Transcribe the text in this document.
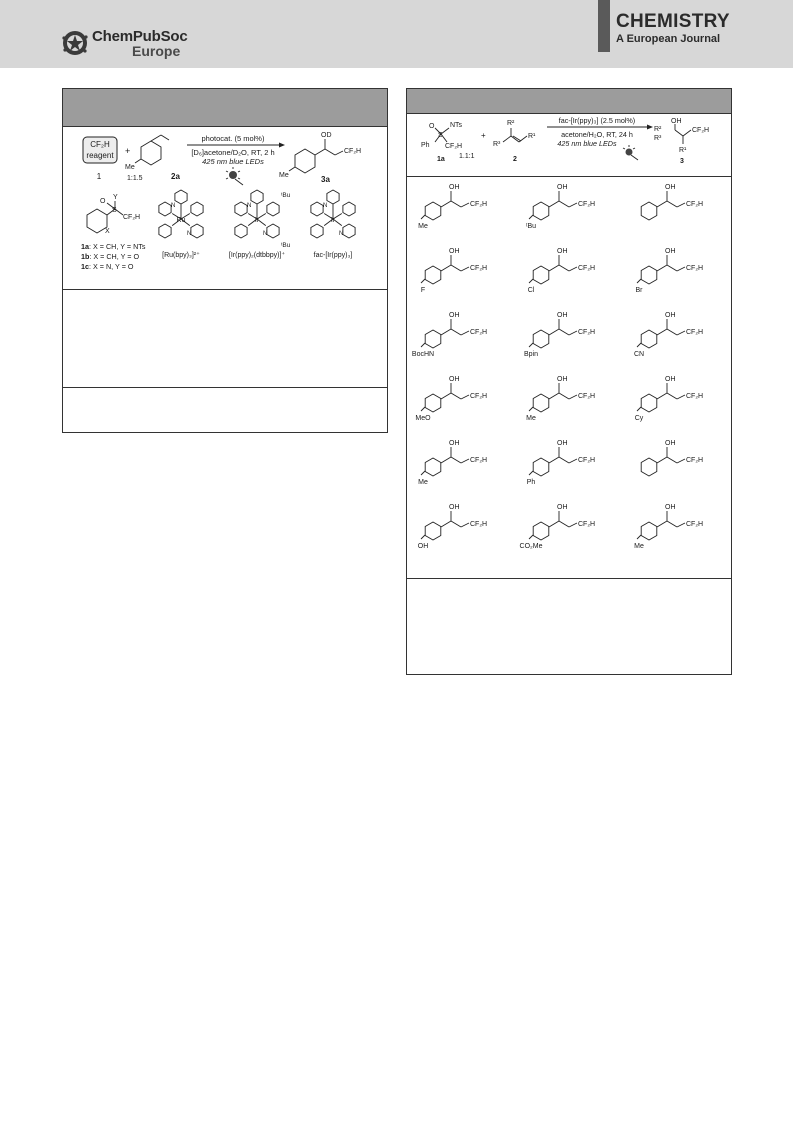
ChemPubSoc
Europe
CHEMISTRY
A European Journal
CF₂H
reagent
1
+
Me
1:1.5	2a
photocat. (5 mol%)
[D₆]acetone/D₂O, RT, 2 h
425 nm blue LEDs
OD
CF₂H
Me	3a
O
S
Y
CF₂H
X
1a: X = CH, Y = NTs
1b: X = CH, Y = O
1c: X = N, Y = O
Ru
N
N
[Ru(bpy)₃]²⁺
Ir
N
N
ᵗBu
ᵗBu
[Ir(ppy)₂(dtbbpy)]⁺
Ir
N
N
fac-[Ir(ppy)₃]
O
S
NTs
Ph CF₂H
1a
+
1.1:1
R²
R³
R¹
2
fac-[Ir(ppy)₃] (2.5 mol%)
acetone/H₂O, RT, 24 h
425 nm blue LEDs
R²
OH
R³
CF₂H
R¹
3
OH
CF₂H
Me
OH
CF₂H
ᵗBu
OH
CF₂H
OH
CF₂H
F
OH
CF₂H
Cl
OH
CF₂H
Br
OH
CF₂H
BocHN
OH
CF₂H
Bpin
OH
CF₂H
CN
OH
CF₂H
MeO
OH
CF₂H
Me
OH
CF₂H
Cy
OH
CF₂H
Me
OH
CF₂H
Ph
OH
CF₂H
OH
CF₂H
OH
OH
CF₂H
CO₂Me
OH
CF₂H
Me
